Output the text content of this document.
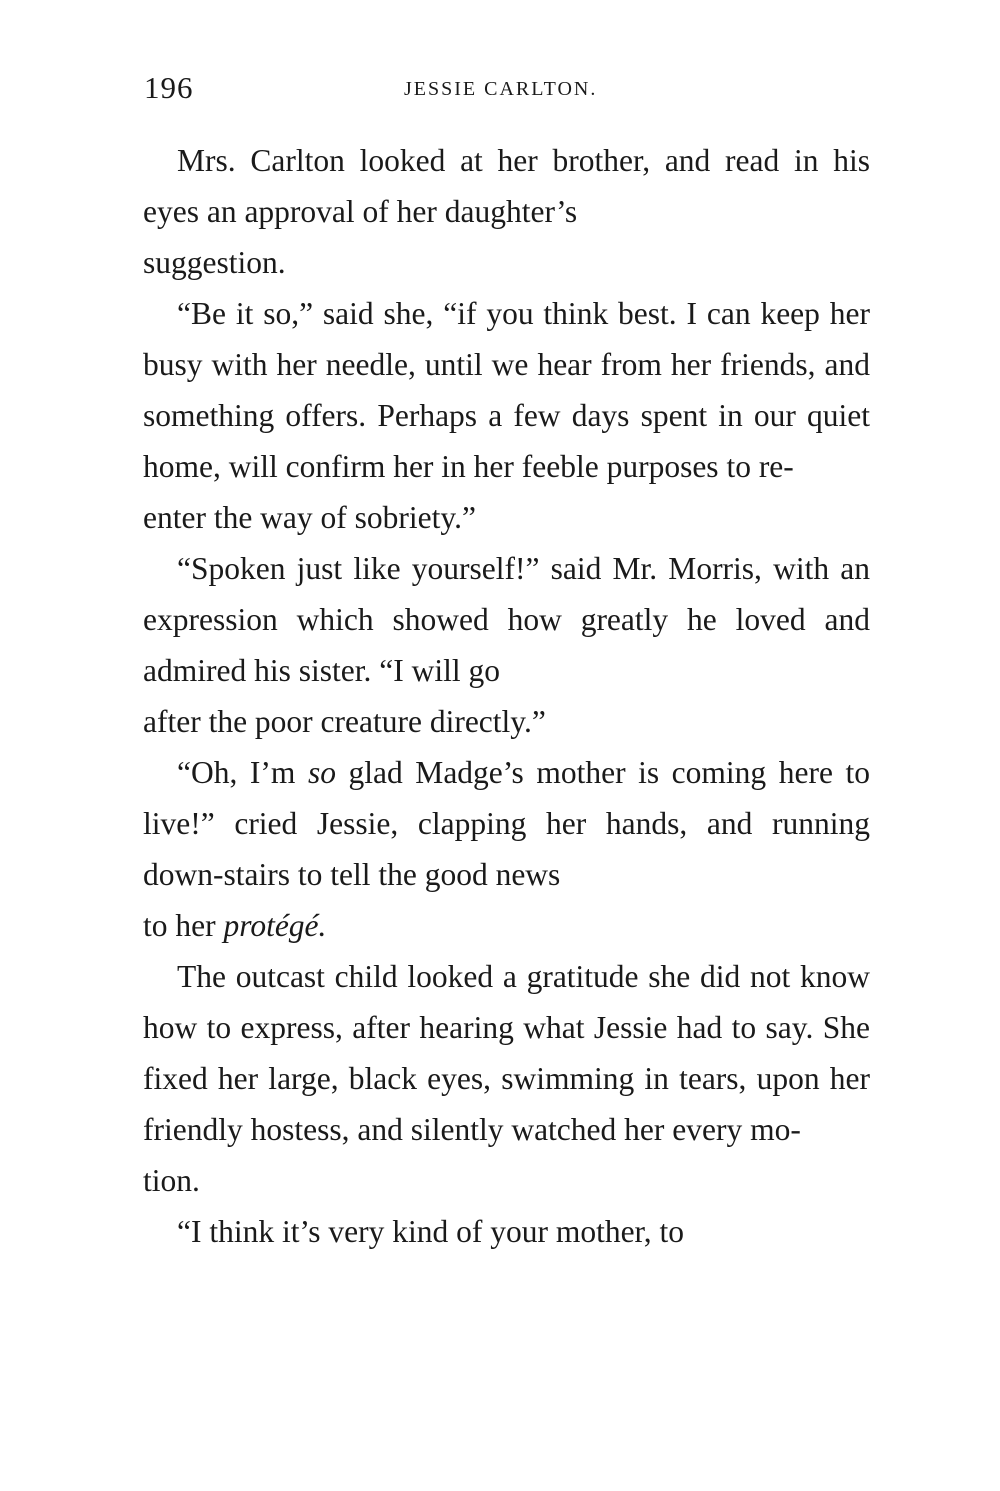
196	JESSIE CARLTON.

Mrs. Carlton looked at her brother, and read in his eyes an approval of her daughter’s
suggestion.

“Be it so,” said she, “if you think best. I can keep her busy with her needle, until we hear from her friends, and something offers. Perhaps a few days spent in our quiet home, will confirm her in her feeble purposes to re-
enter the way of sobriety.”

“Spoken just like yourself!” said Mr. Morris, with an expression which showed how greatly he loved and admired his sister. “I will go
after the poor creature directly.”

“Oh, I’m so glad Madge’s mother is coming here to live!” cried Jessie, clapping her hands, and running down-stairs to tell the good news
to her protégé.

The outcast child looked a gratitude she did not know how to express, after hearing what Jessie had to say. She fixed her large, black eyes, swimming in tears, upon her friendly hostess, and silently watched her every mo-
tion.

“I think it’s very kind of your mother, to
